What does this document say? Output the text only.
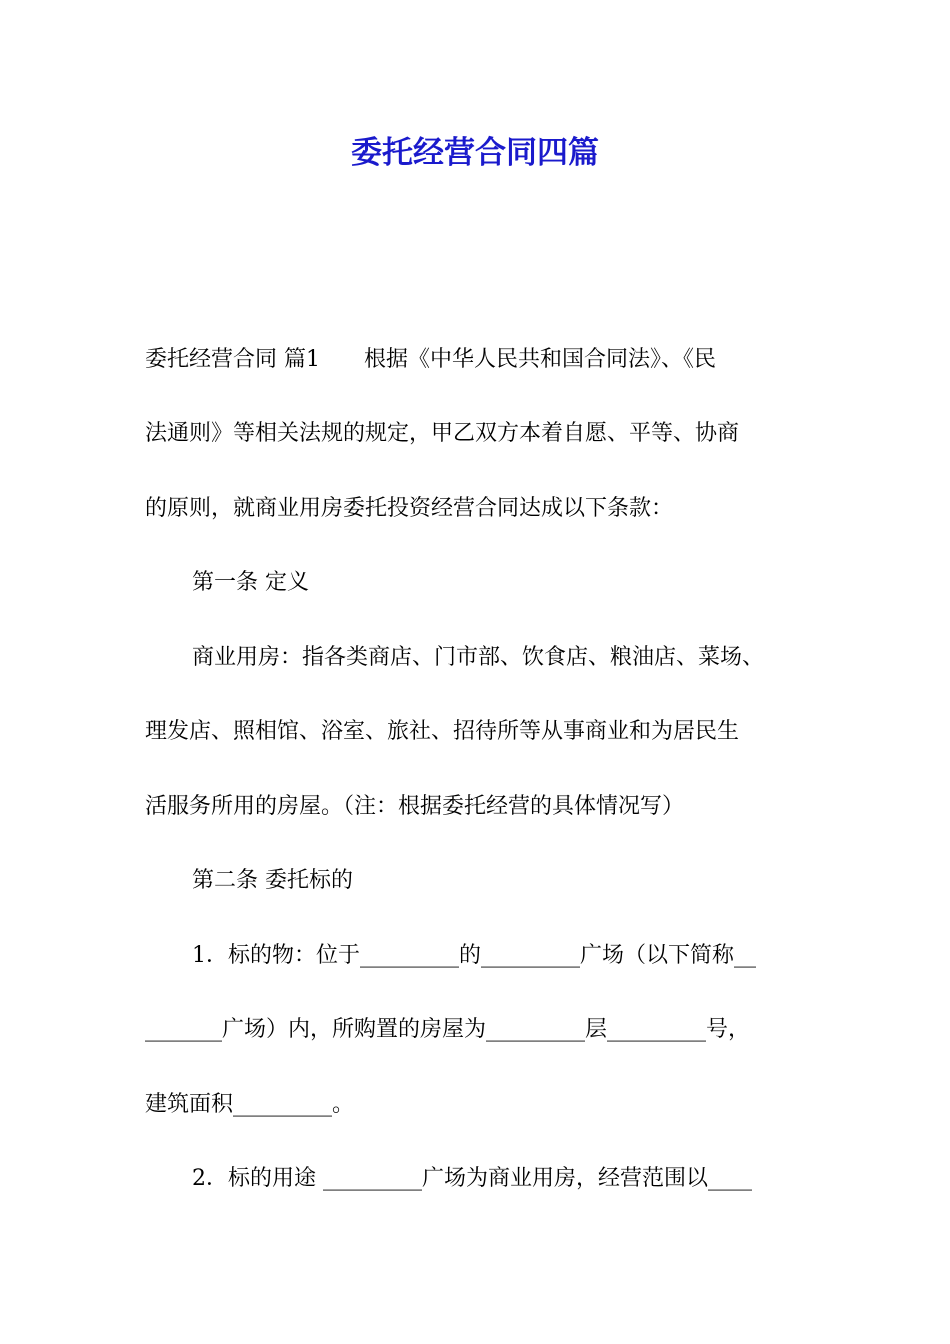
委托经营合同四篇
委托经营合同 篇1　　根据《中华人民共和国合同法》、《民
法通则》等相关法规的规定，甲乙双方本着自愿、平等、协商
的原则，就商业用房委托投资经营合同达成以下条款：
第一条 定义
商业用房：指各类商店、门市部、饮食店、粮油店、菜场、
理发店、照相馆、浴室、旅社、招待所等从事商业和为居民生
活服务所用的房屋。（注：根据委托经营的具体情况写）
第二条 委托标的
1．标的物：位于_________的_________广场（以下简称__
_______广场）内，所购置的房屋为_________层_________号，
建筑面积_________。
2．标的用途 _________广场为商业用房，经营范围以____
